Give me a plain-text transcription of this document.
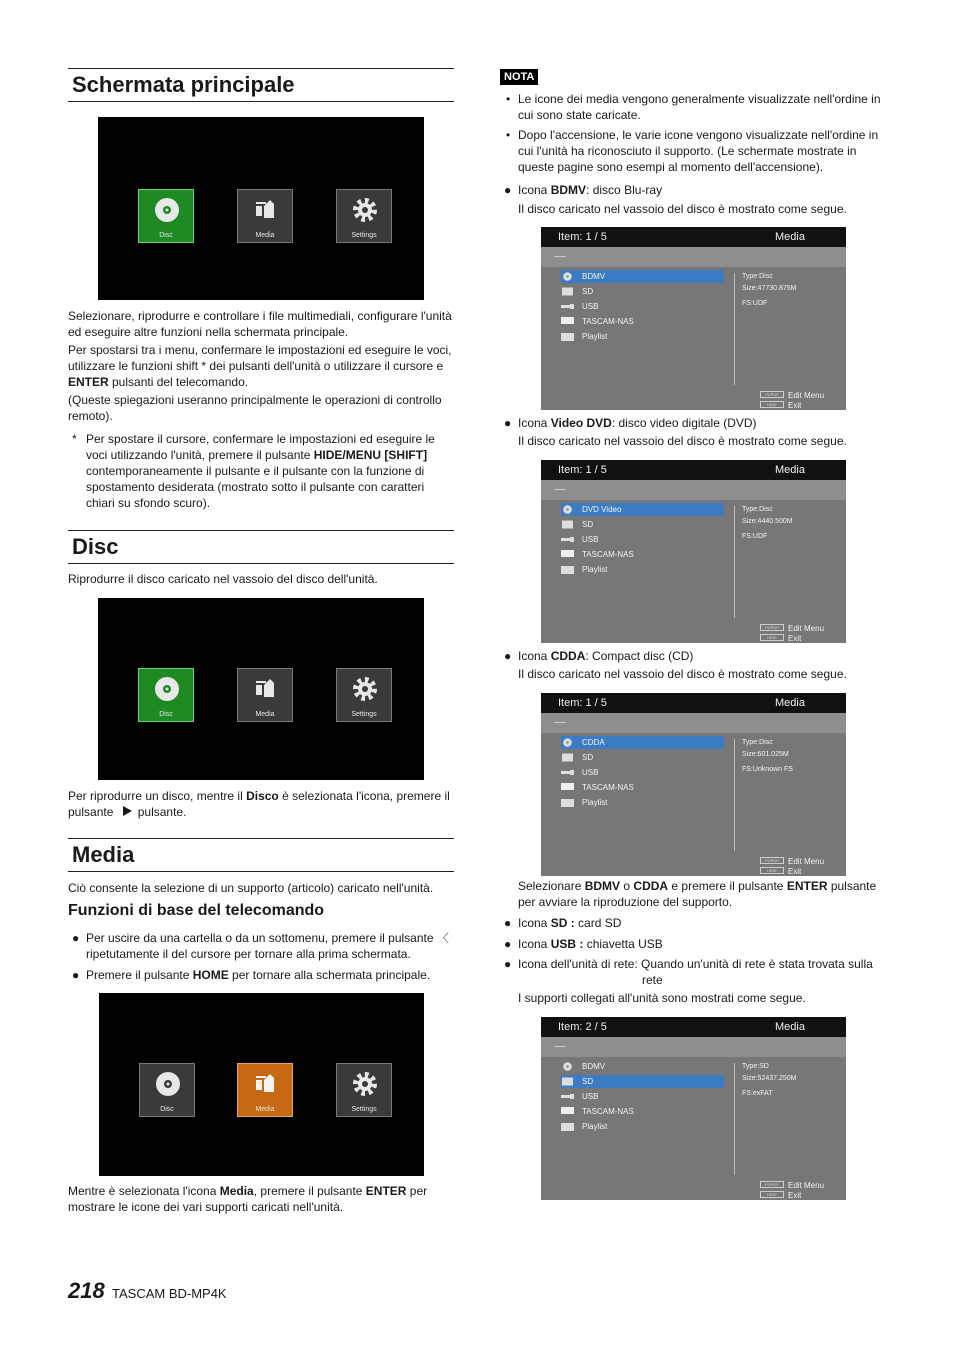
Schermata principale
Disc	Media	Settings
Selezionare, riprodurre e controllare i file multimediali, configurare l'unità ed eseguire altre funzioni nella schermata principale.
Per spostarsi tra i menu, confermare le impostazioni ed eseguire le voci, utilizzare le funzioni shift * dei pulsanti dell'unità o utilizzare il cursore e ENTER pulsanti del telecomando.
(Queste spiegazioni useranno principalmente le operazioni di controllo remoto).
* Per spostare il cursore, confermare le impostazioni ed eseguire le voci utilizzando l'unità, premere il pulsante HIDE/MENU [SHIFT] contemporaneamente il pulsante e il pulsante con la funzione di spostamento desiderata (mostrato sotto il pulsante con caratteri chiari su sfondo scuro).
Disc
Riprodurre il disco caricato nel vassoio del disco dell'unità.
Disc	Media	Settings
Per riprodurre un disco, mentre il Disco è selezionata l'icona, premere il pulsante pulsante.
Media
Ciò consente la selezione di un supporto (articolo) caricato nell'unità.
Funzioni di base del telecomando
● Per uscire da una cartella o da un sottomenu, premere il pulsante 〈 ripetutamente il del cursore per tornare alla prima schermata.
● Premere il pulsante HOME per tornare alla schermata principale.
Disc	Media	Settings
Mentre è selezionata l'icona Media, premere il pulsante ENTER per mostrare le icone dei vari supporti caricati nell'unità.
NOTA
• Le icone dei media vengono generalmente visualizzate nell'ordine in cui sono state caricate.
• Dopo l'accensione, le varie icone vengono visualizzate nell'ordine in cui l'unità ha riconosciuto il supporto. (Le schermate mostrate in queste pagine sono esempi al momento dell'accensione).
● Icona BDMV: disco Blu-ray
Il disco caricato nel vassoio del disco è mostrato come segue.
Item: 1 / 5	Media
BDMV
SD
USB
TASCAM-NAS
Playlist
Type:Disc
Size:47730.875M
FS:UDF
POPUP
HIDE
Edit Menu
Exit
● Icona Video DVD: disco video digitale (DVD)
Il disco caricato nel vassoio del disco è mostrato come segue.
Item: 1 / 5	Media
DVD Video
SD
USB
TASCAM-NAS
Playlist
Type:Disc
Size:4440.500M
FS:UDF
POPUP
HIDE
Edit Menu
Exit
● Icona CDDA: Compact disc (CD)
Il disco caricato nel vassoio del disco è mostrato come segue.
Item: 1 / 5	Media
CDDA
SD
USB
TASCAM-NAS
Playlist
Type:Disc
Size:601.025M
FS:Unknown FS
POPUP
HIDE
Edit Menu
Exit
Selezionare BDMV o CDDA e premere il pulsante ENTER pulsante per avviare la riproduzione del supporto.
● Icona SD : card SD
● Icona USB : chiavetta USB
● Icona dell'unità di rete: Quando un'unità di rete è stata trovata sulla
rete
I supporti collegati all'unità sono mostrati come segue.
Item: 2 / 5	Media
BDMV
SD
USB
TASCAM-NAS
Playlist
Type:SD
Size:52437.250M
FS:exFAT
POPUP
HIDE
Edit Menu
Exit
218 TASCAM BD-MP4K
